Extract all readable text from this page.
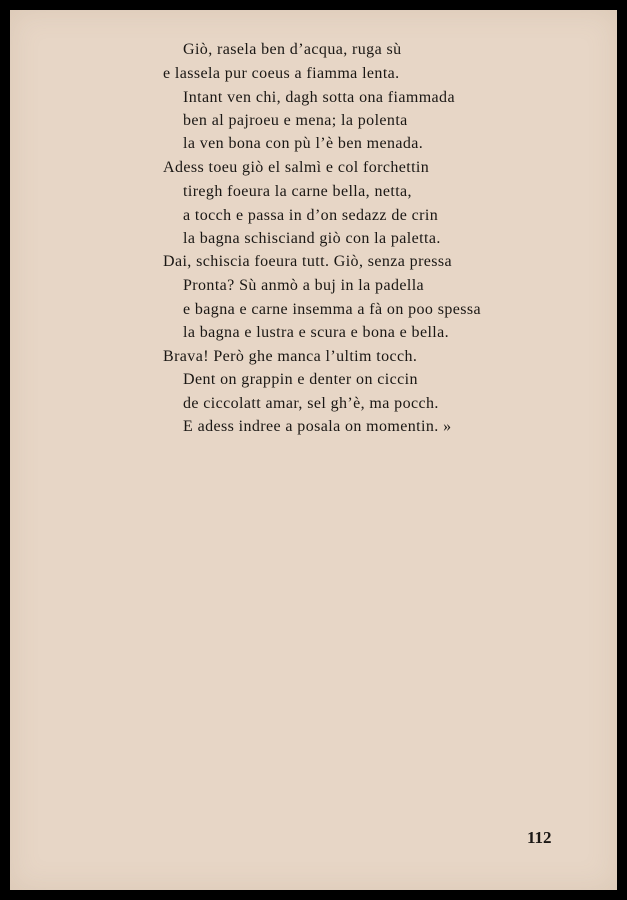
Giò, rasela ben d’acqua, ruga sù
e lassela pur coeus a fiamma lenta.
Intant ven chi, dagh sotta ona fiammada
ben al pajroeu e mena; la polenta
la ven bona con pù l’è ben menada.
Adess toeu giò el salmì e col forchettin
tiregh foeura la carne bella, netta,
a tocch e passa in d’on sedazz de crin
la bagna schisciand giò con la paletta.
Dai, schiscia foeura tutt. Giò, senza pressa
Pronta? Sù anmò a buj in la padella
e bagna e carne insemma a fà on poo spessa
la bagna e lustra e scura e bona e bella.
Brava! Però ghe manca l’ultim tocch.
Dent on grappin e denter on ciccin
de ciccolatt amar, sel gh’è, ma pocch.
E adess indree a posala on momentin. »
112
